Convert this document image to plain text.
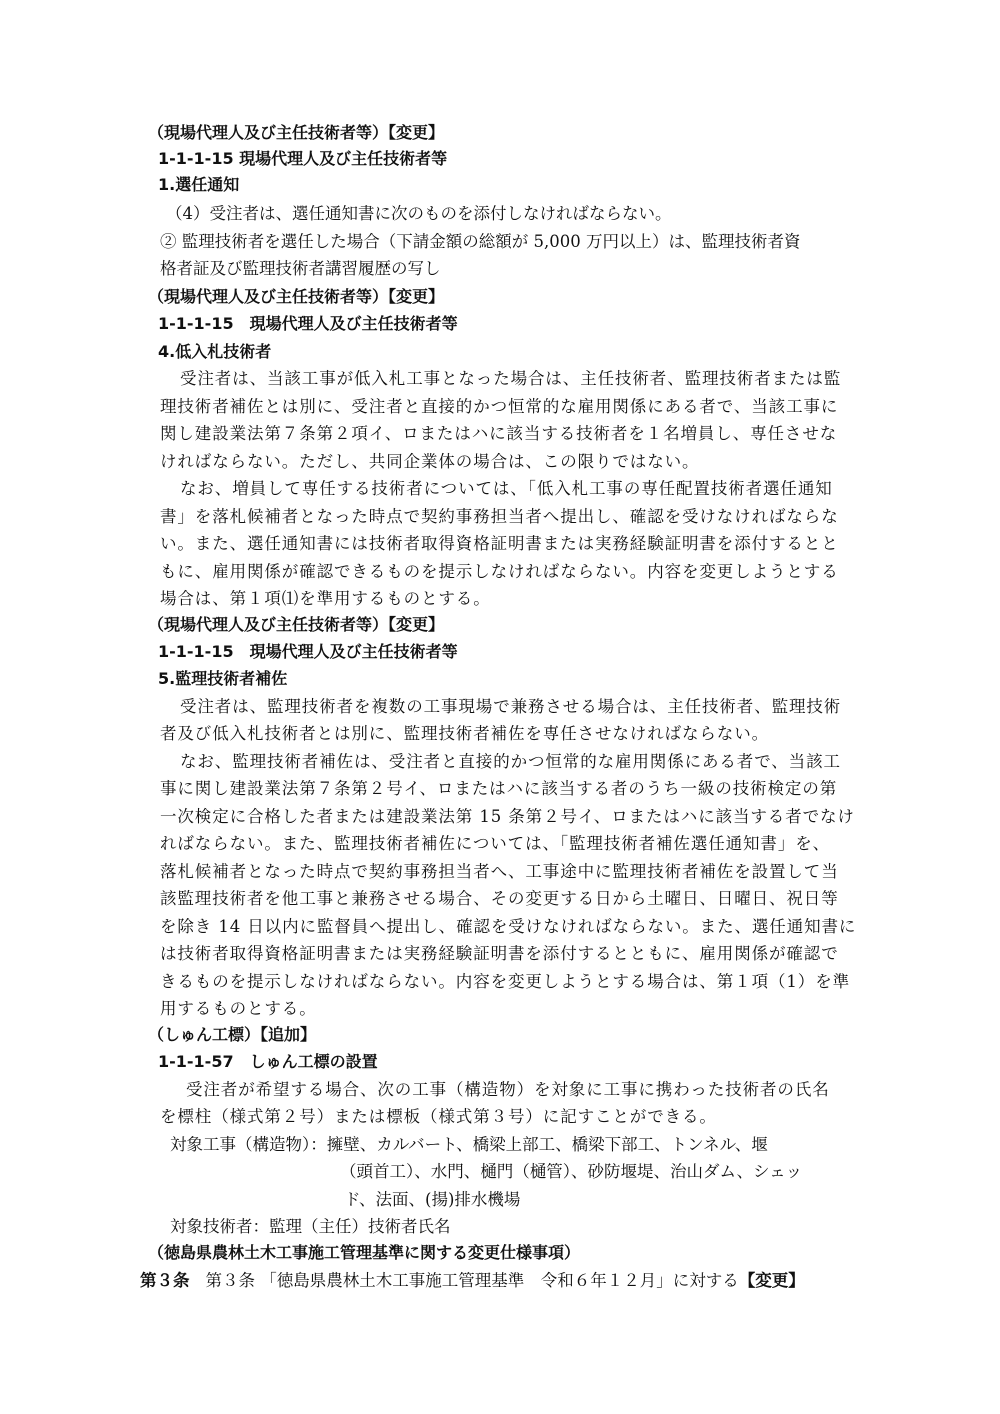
（現場代理人及び主任技術者等）【変更】
1-1-1-15 現場代理人及び主任技術者等
1.選任通知
（4）受注者は、選任通知書に次のものを添付しなければならない。
② 監理技術者を選任した場合（下請金額の総額が 5,000 万円以上）は、監理技術者資
格者証及び監理技術者講習履歴の写し
（現場代理人及び主任技術者等）【変更】
1-1-1-15　現場代理人及び主任技術者等
4.低入札技術者
受注者は、当該工事が低入札工事となった場合は、主任技術者、監理技術者または監
理技術者補佐とは別に、受注者と直接的かつ恒常的な雇用関係にある者で、当該工事に
関し建設業法第７条第２項イ、ロまたはハに該当する技術者を１名増員し、専任させな
ければならない。ただし、共同企業体の場合は、この限りではない。
なお、増員して専任する技術者については、「低入札工事の専任配置技術者選任通知
書」を落札候補者となった時点で契約事務担当者へ提出し、確認を受けなければならな
い。また、選任通知書には技術者取得資格証明書または実務経験証明書を添付するとと
もに、雇用関係が確認できるものを提示しなければならない。内容を変更しようとする
場合は、第１項⑴を準用するものとする。
（現場代理人及び主任技術者等）【変更】
1-1-1-15　現場代理人及び主任技術者等
5.監理技術者補佐
受注者は、監理技術者を複数の工事現場で兼務させる場合は、主任技術者、監理技術
者及び低入札技術者とは別に、監理技術者補佐を専任させなければならない。
なお、監理技術者補佐は、受注者と直接的かつ恒常的な雇用関係にある者で、当該工
事に関し建設業法第７条第２号イ、ロまたはハに該当する者のうち一級の技術検定の第
一次検定に合格した者または建設業法第 15 条第２号イ、ロまたはハに該当する者でなけ
ればならない。また、監理技術者補佐については、「監理技術者補佐選任通知書」を、
落札候補者となった時点で契約事務担当者へ、工事途中に監理技術者補佐を設置して当
該監理技術者を他工事と兼務させる場合、その変更する日から土曜日、日曜日、祝日等
を除き 14 日以内に監督員へ提出し、確認を受けなければならない。また、選任通知書に
は技術者取得資格証明書または実務経験証明書を添付するとともに、雇用関係が確認で
きるものを提示しなければならない。内容を変更しようとする場合は、第１項（1）を準
用するものとする。
（しゅん工標）【追加】
1-1-1-57　しゅん工標の設置
受注者が希望する場合、次の工事（構造物）を対象に工事に携わった技術者の氏名
を標柱（様式第２号）または標板（様式第３号）に記すことができる。
対象工事（構造物）：擁壁、カルバート、橋梁上部工、橋梁下部工、トンネル、堰
（頭首工）、水門、樋門（樋管）、砂防堰堤、治山ダム、シェッ
ド、法面、(揚)排水機場
対象技術者：監理（主任）技術者氏名
（徳島県農林土木工事施工管理基準に関する変更仕様事項）
第３条 第３条 「徳島県農林土木工事施工管理基準　令和６年１２月」に対する【変更】
